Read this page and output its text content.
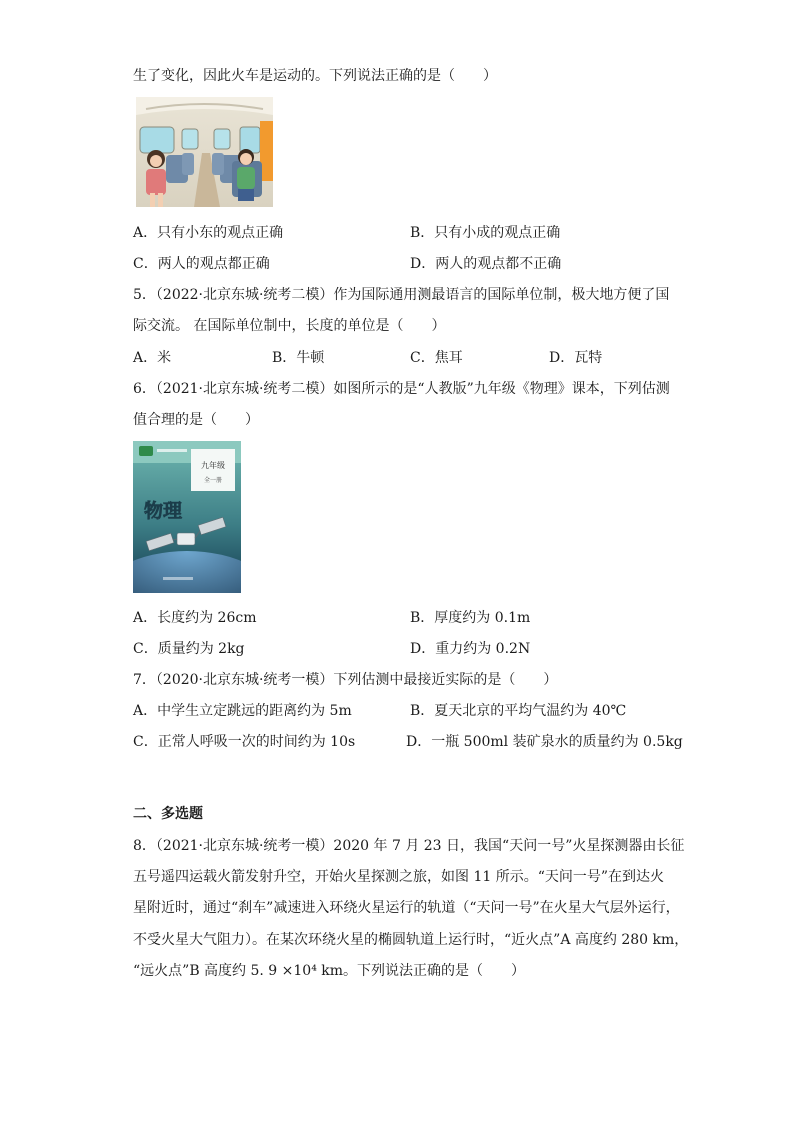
生了变化，因此火车是运动的。下列说法正确的是（　　）
A．只有小东的观点正确	B．只有小成的观点正确
C．两人的观点都正确	D．两人的观点都不正确
5．（2022·北京东城·统考二模）作为国际通用测最语言的国际单位制，极大地方便了国
际交流。 在国际单位制中，长度的单位是（　　）
A．米	B．牛顿	C．焦耳	D．瓦特
6．（2021·北京东城·统考二模）如图所示的是“人教版”九年级《物理》课本，下列估测
值合理的是（　　）
九年级
全一册
物理
A．长度约为 26cm	B．厚度约为 0.1m
C．质量约为 2kg	D．重力约为 0.2N
7．（2020·北京东城·统考一模）下列估测中最接近实际的是（　　）
A．中学生立定跳远的距离约为 5m	B．夏天北京的平均气温约为 40℃
C．正常人呼吸一次的时间约为 10s	D．一瓶 500ml 装矿泉水的质量约为 0.5kg
二、多选题
8．（2021·北京东城·统考一模）2020 年 7 月 23 日，我国“天问一号”火星探测器由长征
五号遥四运载火箭发射升空，开始火星探测之旅，如图 11 所示。“天问一号”在到达火
星附近时，通过“刹车”减速进入环绕火星运行的轨道（“天问一号”在火星大气层外运行，
不受火星大气阻力）。在某次环绕火星的椭圆轨道上运行时，“近火点”A 高度约 280 km，
“远火点”B 高度约 5. 9 ×10⁴ km。下列说法正确的是（　　）
